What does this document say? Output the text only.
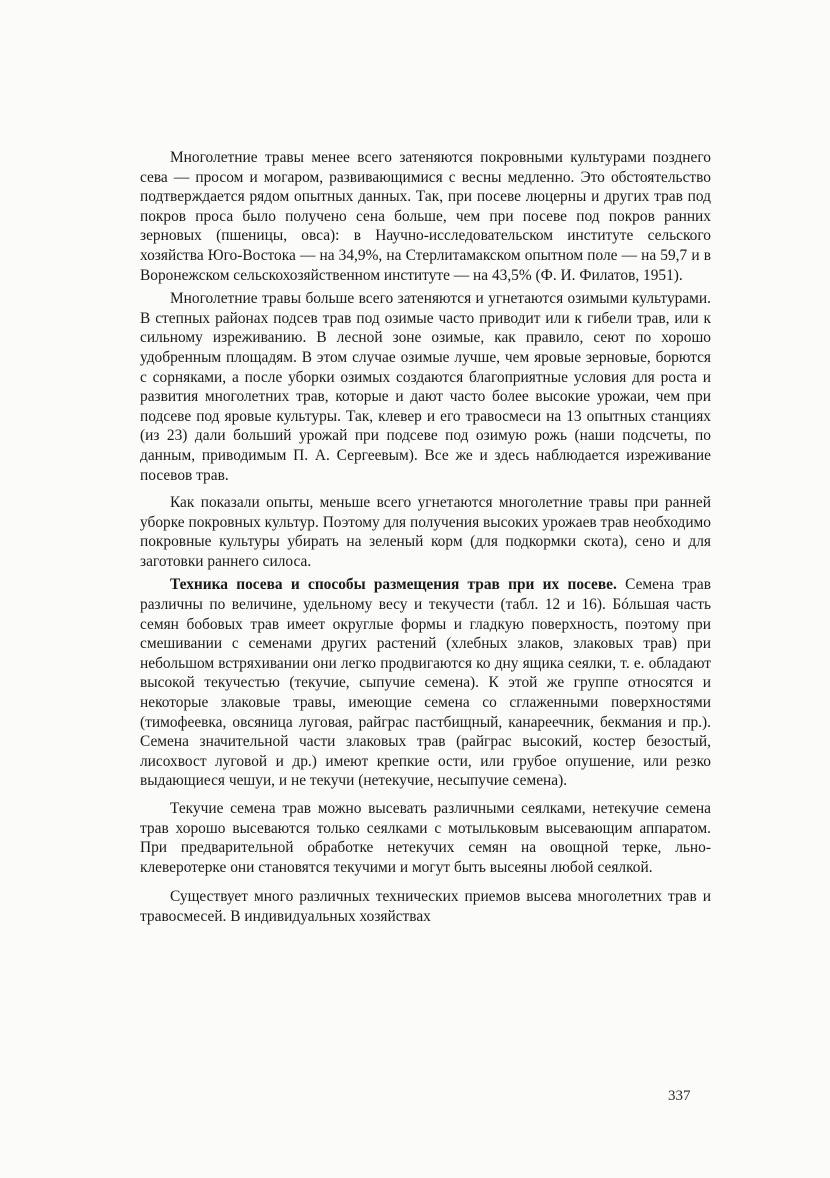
Многолетние травы менее всего затеняются покровными культурами позднего сева — просом и могаром, развивающимися с весны медленно. Это обстоятельство подтверждается рядом опытных данных. Так, при посеве люцерны и других трав под покров проса было получено сена больше, чем при посеве под покров ранних зерновых (пшеницы, овса): в Научно-исследовательском институте сельского хозяйства Юго-Востока — на 34,9%, на Стерлитамакском опытном поле — на 59,7 и в Воронежском сельскохозяйственном институте — на 43,5% (Ф. И. Филатов, 1951).

Многолетние травы больше всего затеняются и угнетаются озимыми культурами. В степных районах подсев трав под озимые часто приводит или к гибели трав, или к сильному изреживанию. В лесной зоне озимые, как правило, сеют по хорошо удобренным площадям. В этом случае озимые лучше, чем яровые зерновые, борются с сорняками, а после уборки озимых создаются благоприятные условия для роста и развития многолетних трав, которые и дают часто более высокие урожаи, чем при подсеве под яровые культуры. Так, клевер и его травосмеси на 13 опытных станциях (из 23) дали больший урожай при подсеве под озимую рожь (наши подсчеты, по данным, приводимым П. А. Сергеевым). Все же и здесь наблюдается изреживание посевов трав.

Как показали опыты, меньше всего угнетаются многолетние травы при ранней уборке покровных культур. Поэтому для получения высоких урожаев трав необходимо покровные культуры убирать на зеленый корм (для подкормки скота), сено и для заготовки раннего силоса.

Техника посева и способы размещения трав при их посеве. Семена трав различны по величине, удельному весу и текучести (табл. 12 и 16). Бóльшая часть семян бобовых трав имеет округлые формы и гладкую поверхность, поэтому при смешивании с семенами других растений (хлебных злаков, злаковых трав) при небольшом встряхивании они легко продвигаются ко дну ящика сеялки, т. е. обладают высокой текучестью (текучие, сыпучие семена). К этой же группе относятся и некоторые злаковые травы, имеющие семена со сглаженными поверхностями (тимофеевка, овсяница луговая, райграс пастбищный, канареечник, бекмания и пр.). Семена значительной части злаковых трав (райграс высокий, костер безостый, лисохвост луговой и др.) имеют крепкие ости, или грубое опушение, или резко выдающиеся чешуи, и не текучи (нетекучие, несыпучие семена).

Текучие семена трав можно высевать различными сеялками, нетекучие семена трав хорошо высеваются только сеялками с мотыльковым высевающим аппаратом. При предварительной обработке нетекучих семян на овощной терке, льно-клеверотерке они становятся текучими и могут быть высеяны любой сеялкой.

Существует много различных технических приемов высева многолетних трав и травосмесей. В индивидуальных хозяйствах

337
